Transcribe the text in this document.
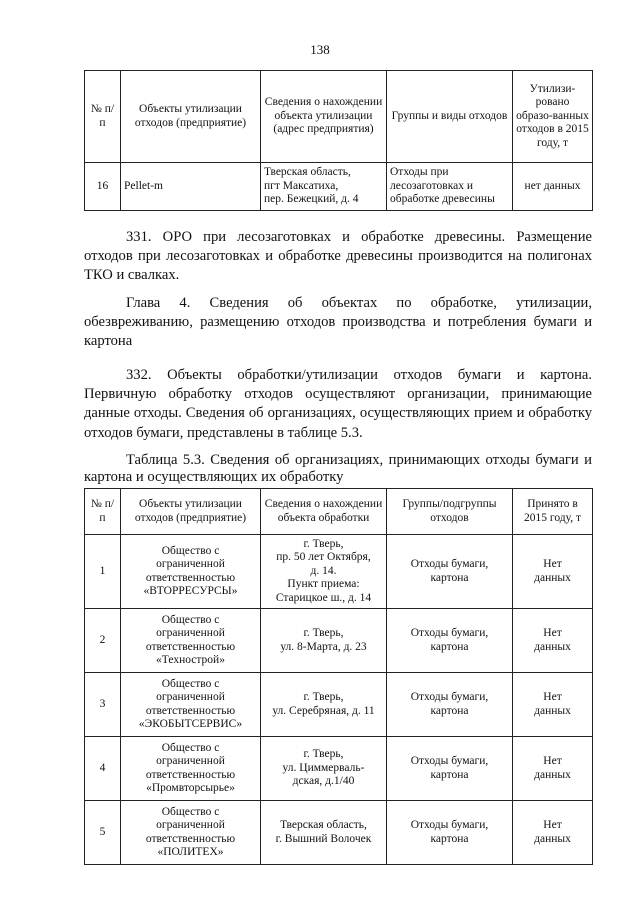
138
№ п/п	Объекты утилизации отходов (предприятие)	Сведения о нахождении объекта утилизации (адрес предприятия)	Группы и виды отходов	Утилизи-ровано образо-ванных отходов в 2015 году, т
16	Pellet-m	Тверская область,
пгт Максатиха,
пер. Бежецкий, д. 4	Отходы при
лесозаготовках и
обработке древесины	нет данных
331. ОРО при лесозаготовках и обработке древесины. Размещение отходов при лесозаготовках и обработке древесины производится на полигонах ТКО и свалках.
Глава 4. Сведения об объектах по обработке, утилизации, обезвреживанию, размещению отходов производства и потребления бумаги и картона
332. Объекты обработки/утилизации отходов бумаги и картона. Первичную обработку отходов осуществляют организации, принимающие данные отходы. Сведения об организациях, осуществляющих прием и обработку отходов бумаги, представлены в таблице 5.3.
Таблица 5.3. Сведения об организациях, принимающих отходы бумаги и картона и осуществляющих их обработку
№ п/п	Объекты утилизации отходов (предприятие)	Сведения о нахождении объекта обработки	Группы/подгруппы отходов	Принято в 2015 году, т
1	Общество с
ограниченной
ответственностью
«ВТОРРЕСУРСЫ»	г. Тверь,
пр. 50 лет Октября,
д. 14.
Пункт приема:
Старицкое ш., д. 14	Отходы бумаги,
картона	Нет
данных

2	Общество с
ограниченной
ответственностью
«Технострой»	г. Тверь,
ул. 8-Марта, д. 23	Отходы бумаги,
картона	Нет
данных

3	Общество с
ограниченной
ответственностью
«ЭКОБЫТСЕРВИС»	г. Тверь,
ул. Серебряная, д. 11	Отходы бумаги,
картона	Нет
данных

4	Общество с
ограниченной
ответственностью
«Промвторсырье»	г. Тверь,
ул. Циммерваль-
дская, д.1/40	Отходы бумаги,
картона	Нет
данных

5	Общество с
ограниченной
ответственностью
«ПОЛИТЕХ»	Тверская область,
г. Вышний Волочек	Отходы бумаги,
картона	Нет
данных
